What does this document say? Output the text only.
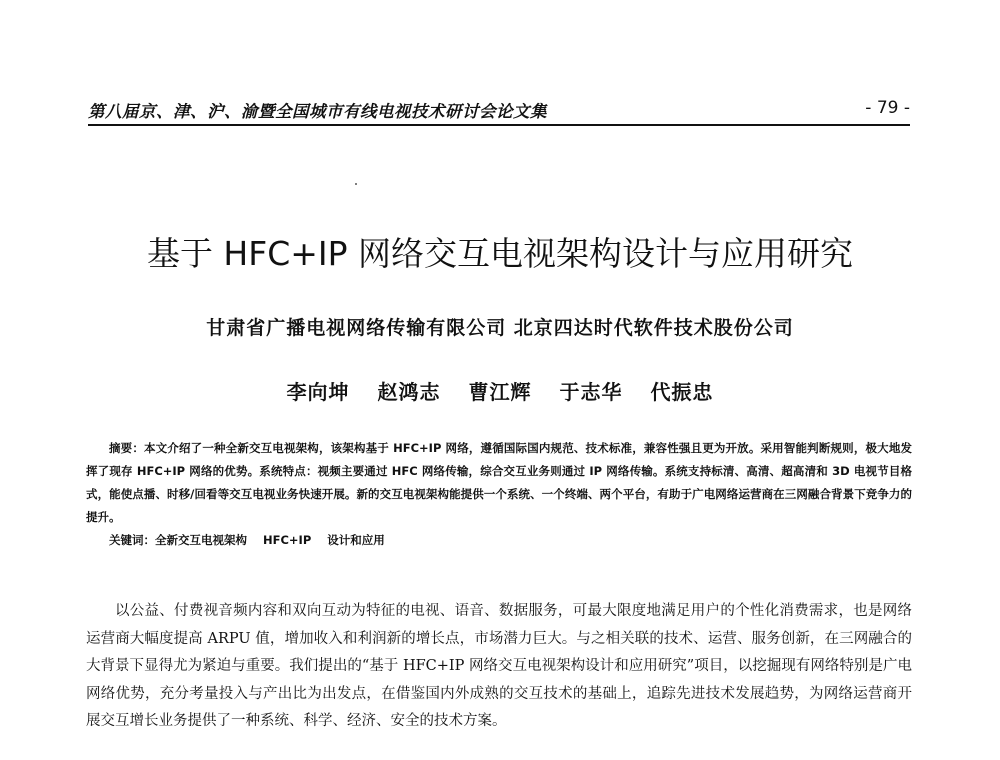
第八届京、津、沪、渝暨全国城市有线电视技术研讨会论文集	- 79 -
基于 HFC+IP 网络交互电视架构设计与应用研究
甘肃省广播电视网络传输有限公司 北京四达时代软件技术股份公司
李向坤 赵鸿志 曹江辉 于志华 代振忠

摘要：本文介绍了一种全新交互电视架构，该架构基于 HFC+IP 网络，遵循国际国内规范、技术标准，兼容性强且更为开放。采用智能判断规则，极大地发挥了现存 HFC+IP 网络的优势。系统特点：视频主要通过 HFC 网络传输，综合交互业务则通过 IP 网络传输。系统支持标清、高清、超高清和 3D 电视节目格式，能使点播、时移/回看等交互电视业务快速开展。新的交互电视架构能提供一个系统、一个终端、两个平台，有助于广电网络运营商在三网融合背景下竞争力的提升。

关键词：全新交互电视架构 HFC+IP 设计和应用

以公益、付费视音频内容和双向互动为特征的电视、语音、数据服务，可最大限度地满足用户的个性化消费需求，也是网络运营商大幅度提高 ARPU 值，增加收入和利润新的增长点，市场潜力巨大。与之相关联的技术、运营、服务创新，在三网融合的大背景下显得尤为紧迫与重要。我们提出的“基于 HFC+IP 网络交互电视架构设计和应用研究”项目，以挖掘现有网络特别是广电网络优势，充分考量投入与产出比为出发点，在借鉴国内外成熟的交互技术的基础上，追踪先进技术发展趋势，为网络运营商开展交互增长业务提供了一种系统、科学、经济、安全的技术方案。
